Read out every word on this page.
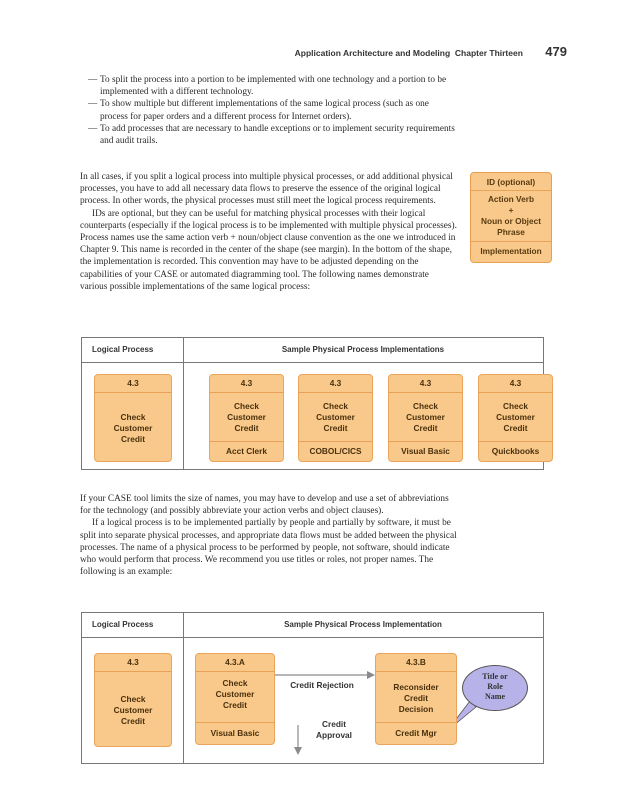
Application Architecture and Modeling Chapter Thirteen 479
— To split the process into a portion to be implemented with one technology and a portion to be implemented with a different technology.
— To show multiple but different implementations of the same logical process (such as one process for paper orders and a different process for Internet orders).
— To add processes that are necessary to handle exceptions or to implement security requirements and audit trails.

In all cases, if you split a logical process into multiple physical processes, or add additional physical processes, you have to add all necessary data flows to preserve the essence of the original logical process. In other words, the physical processes must still meet the logical process requirements.

IDs are optional, but they can be useful for matching physical processes with their logical counterparts (especially if the logical process is to be implemented with multiple physical processes). Process names use the same action verb + noun/object clause convention as the one we introduced in Chapter 9. This name is recorded in the center of the shape (see margin). In the bottom of the shape, the implementation is recorded. This convention may have to be adjusted depending on the capabilities of your CASE or automated diagramming tool. The following names demonstrate various possible implementations of the same logical process:

ID (optional)
Action Verb
+
Noun or Object
Phrase
Implementation
Logical Process	Sample Physical Process Implementations
4.3
Check
Customer
Credit
4.3
Check
Customer
Credit
Acct Clerk
4.3
Check
Customer
Credit
COBOL/CICS
4.3
Check
Customer
Credit
Visual Basic
4.3
Check
Customer
Credit
Quickbooks

If your CASE tool limits the size of names, you may have to develop and use a set of abbreviations for the technology (and possibly abbreviate your action verbs and object clauses).

If a logical process is to be implemented partially by people and partially by software, it must be split into separate physical processes, and appropriate data flows must be added between the physical processes. The name of a physical process to be performed by people, not software, should indicate who would perform that process. We recommend you use titles or roles, not proper names. The following is an example:

Logical Process	Sample Physical Process Implementation
4.3
Check
Customer
Credit
4.3.A
Check
Customer
Credit
Visual Basic
4.3.B
Reconsider
Credit
Decision
Credit Mgr
Credit Rejection
Credit
Approval
Title or
Role
Name
